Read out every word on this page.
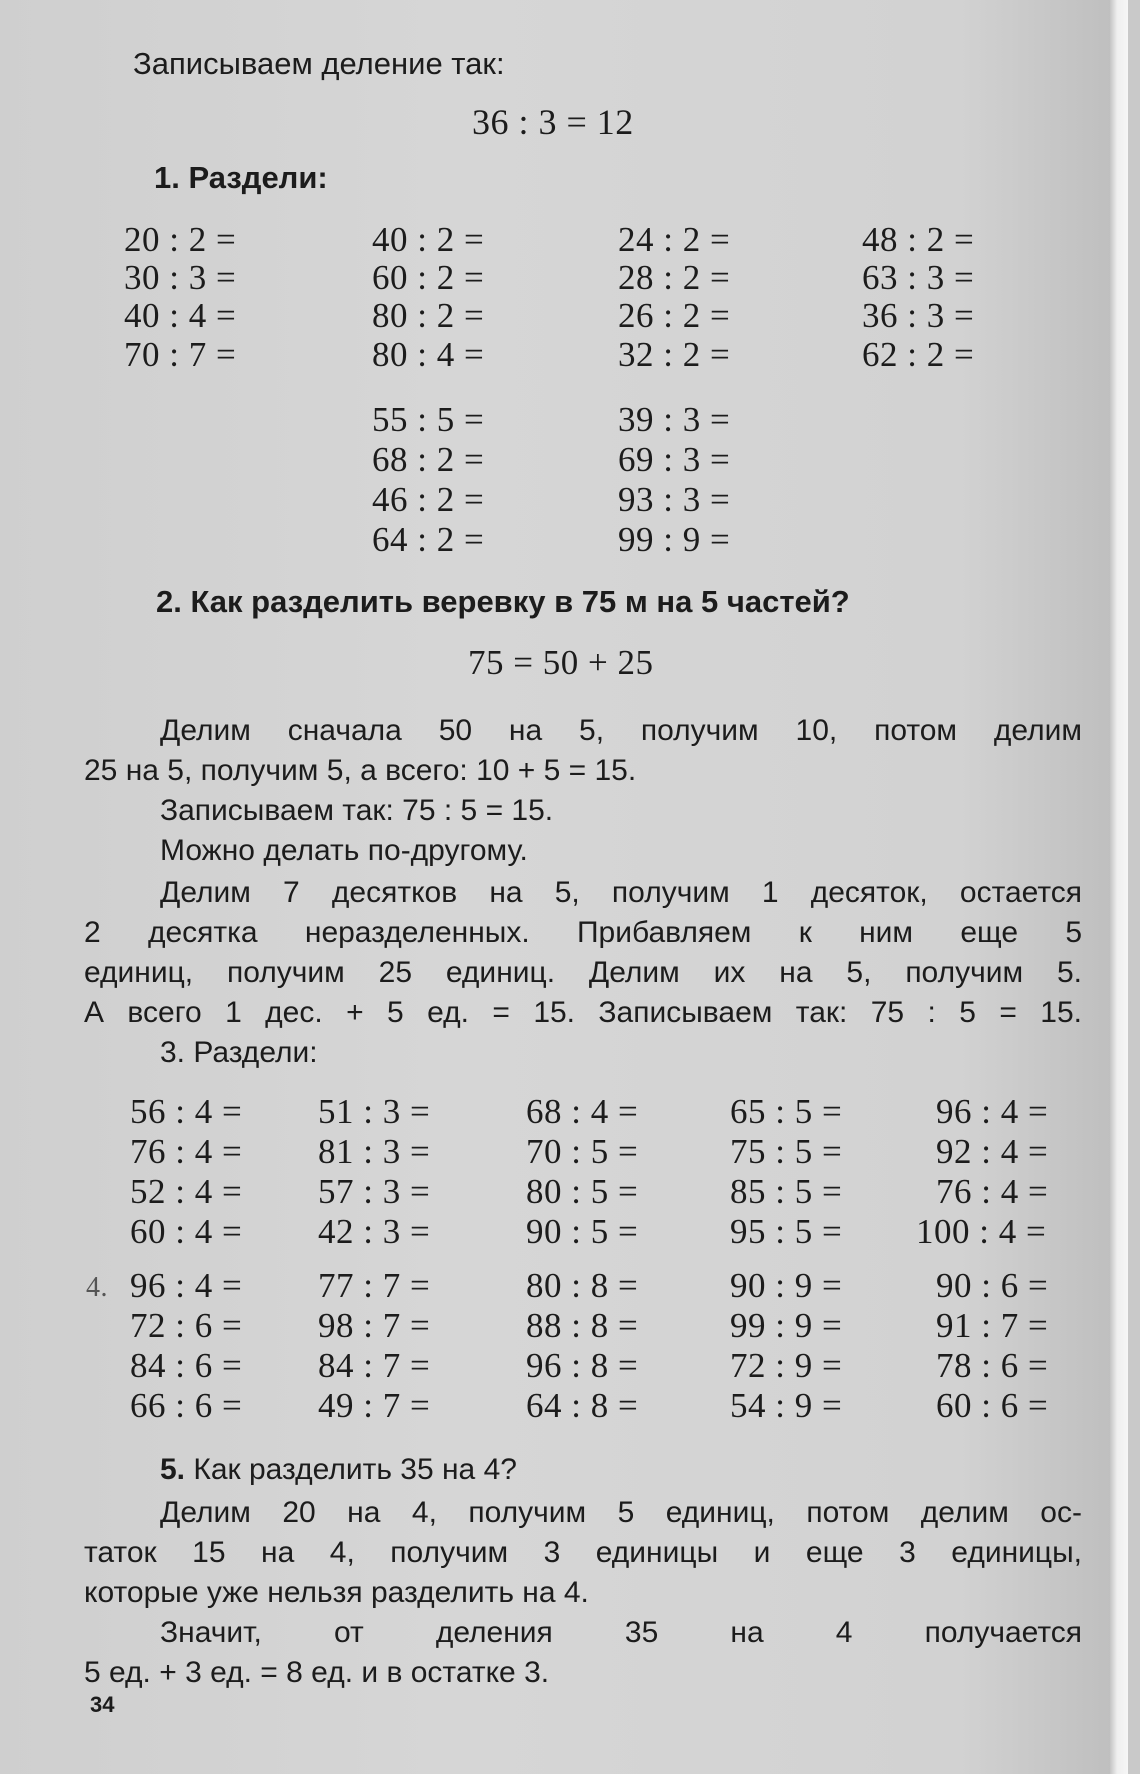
Записываем деление так:
36 : 3 = 12
1. Раздели:
20 : 2 =	40 : 2 =	24 : 2 =	48 : 2 =
30 : 3 =	60 : 2 =	28 : 2 =	63 : 3 =
40 : 4 =	80 : 2 =	26 : 2 =	36 : 3 =
70 : 7 =	80 : 4 =	32 : 2 =	62 : 2 =
55 : 5 =	39 : 3 =
68 : 2 =	69 : 3 =
46 : 2 =	93 : 3 =
64 : 2 =	99 : 9 =
2. Как разделить веревку в 75 м на 5 частей?
75 = 50 + 25
Делим сначала 50 на 5, получим 10, потом делим
25 на 5, получим 5, а всего: 10 + 5 = 15.
Записываем так: 75 : 5 = 15.
Можно делать по-другому.
Делим 7 десятков на 5, получим 1 десяток, остается
2 десятка неразделенных. Прибавляем к ним еще 5
единиц, получим 25 единиц. Делим их на 5, получим 5.
А всего 1 дес. + 5 ед. = 15. Записываем так: 75 : 5 = 15.
3. Раздели:
56 : 4 = 51 : 3 =	68 : 4 =	65 : 5 =	96 : 4 =
76 : 4 = 81 : 3 =	70 : 5 =	75 : 5 =	92 : 4 =
52 : 4 = 57 : 3 =	80 : 5 =	85 : 5 =	76 : 4 =
60 : 4 = 42 : 3 =	90 : 5 =	95 : 5 = 100 : 4 =
4. 96 : 4 = 77 : 7 =	80 : 8 =	90 : 9 =	90 : 6 =
72 : 6 = 98 : 7 =	88 : 8 =	99 : 9 =	91 : 7 =
84 : 6 = 84 : 7 =	96 : 8 =	72 : 9 =	78 : 6 =
66 : 6 = 49 : 7 =	64 : 8 =	54 : 9 =	60 : 6 =
5. Как разделить 35 на 4?
Делим 20 на 4, получим 5 единиц, потом делим ос-
таток 15 на 4, получим 3 единицы и еще 3 единицы,
которые уже нельзя разделить на 4.
Значит, от деления 35 на 4 получается
5 ед. + 3 ед. = 8 ед. и в остатке 3.
34
